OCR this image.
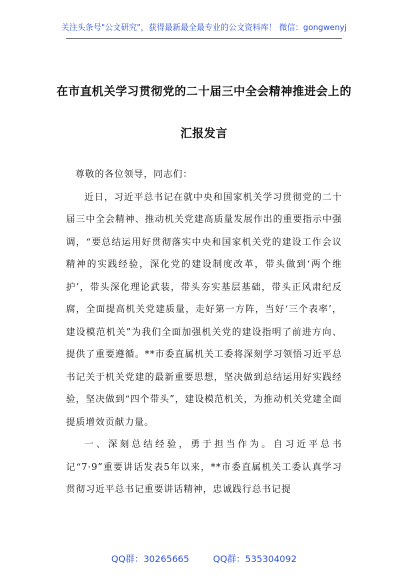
关注头条号"公文研究"，获得最新最全最专业的公文资料库！ 微信：gongwenyj
在市直机关学习贯彻党的二十届三中全会精神推进会上的
汇报发言

尊敬的各位领导，同志们：

近日，习近平总书记在就中央和国家机关学习贯彻党的二十届三中全会精神、推动机关党建高质量发展作出的重要指示中强调，“要总结运用好贯彻落实中央和国家机关党的建设工作会议精神的实践经验，深化党的建设制度改革，带头做到‘两个维护’，带头深化理论武装，带头夯实基层基础，带头正风肃纪反腐，全面提高机关党建质量，走好第一方阵，当好‘三个表率’，建设模范机关”为我们全面加强机关党的建设指明了前进方向、提供了重要遵循。**市委直属机关工委将深刻学习领悟习近平总书记关于机关党建的最新重要思想，坚决做到总结运用好实践经验，坚决做到“四个带头”，建设模范机关，为推动机关党建全面提质增效贡献力量。

一、深刻总结经验，勇于担当作为。自习近平总书记“7·9”重要讲话发表5年以来，**市委直属机关工委认真学习贯彻习近平总书记重要讲话精神，忠诚践行总书记提

QQ群：30265665	QQ群：535304092
